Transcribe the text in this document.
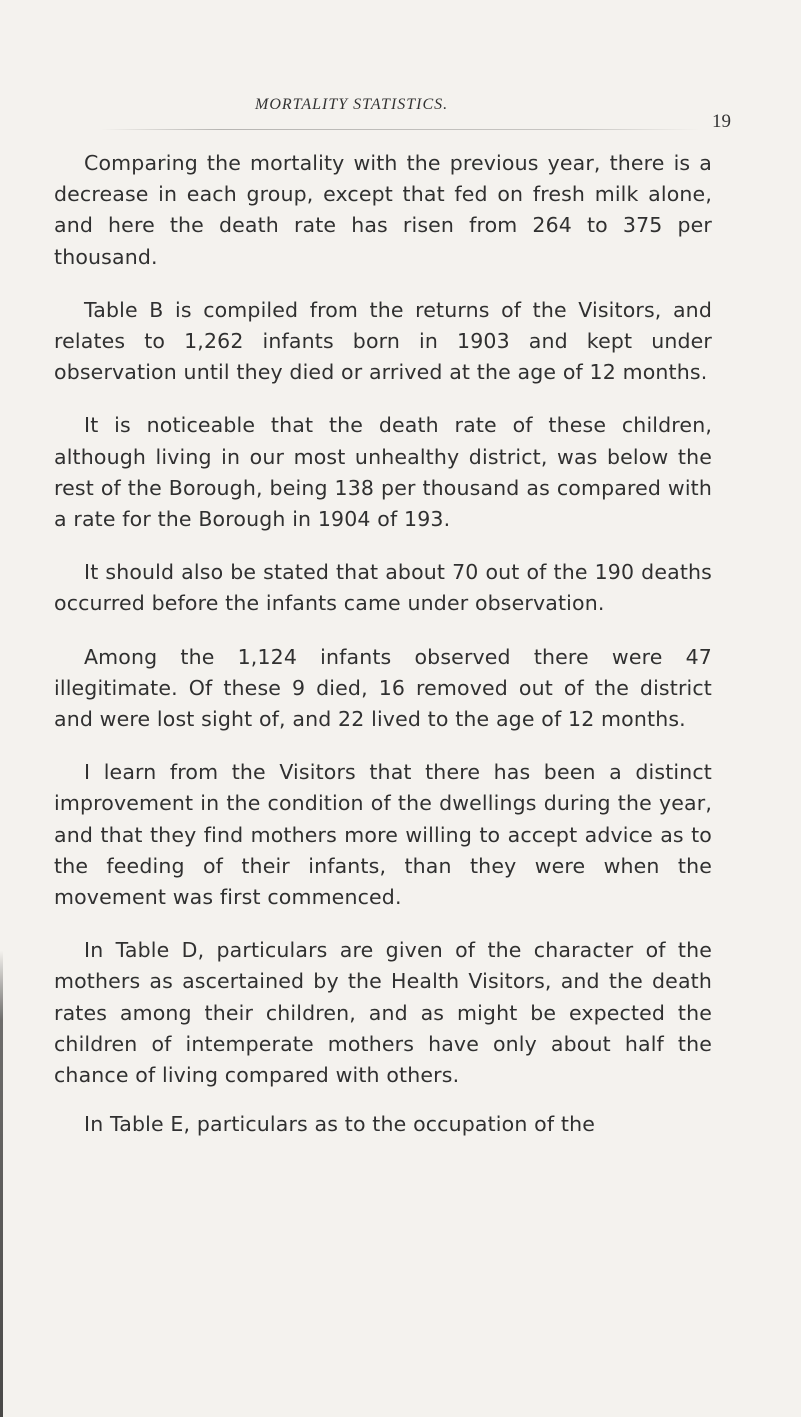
MORTALITY STATISTICS.
19

Comparing the mortality with the previous year, there is a decrease in each group, except that fed on fresh milk alone, and here the death rate has risen from 264 to 375 per thousand.

Table B is compiled from the returns of the Visitors, and relates to 1,262 infants born in 1903 and kept under observation until they died or arrived at the age of 12 months.

It is noticeable that the death rate of these children, although living in our most unhealthy district, was below the rest of the Borough, being 138 per thousand as compared with a rate for the Borough in 1904 of 193.

It should also be stated that about 70 out of the 190 deaths occurred before the infants came under observation.

Among the 1,124 infants observed there were 47 illegitimate. Of these 9 died, 16 removed out of the district and were lost sight of, and 22 lived to the age of 12 months.

I learn from the Visitors that there has been a distinct improvement in the condition of the dwellings during the year, and that they find mothers more willing to accept advice as to the feeding of their infants, than they were when the movement was first commenced.

In Table D, particulars are given of the character of the mothers as ascertained by the Health Visitors, and the death rates among their children, and as might be expected the children of intemperate mothers have only about half the chance of living compared with others.

In Table E, particulars as to the occupation of the
